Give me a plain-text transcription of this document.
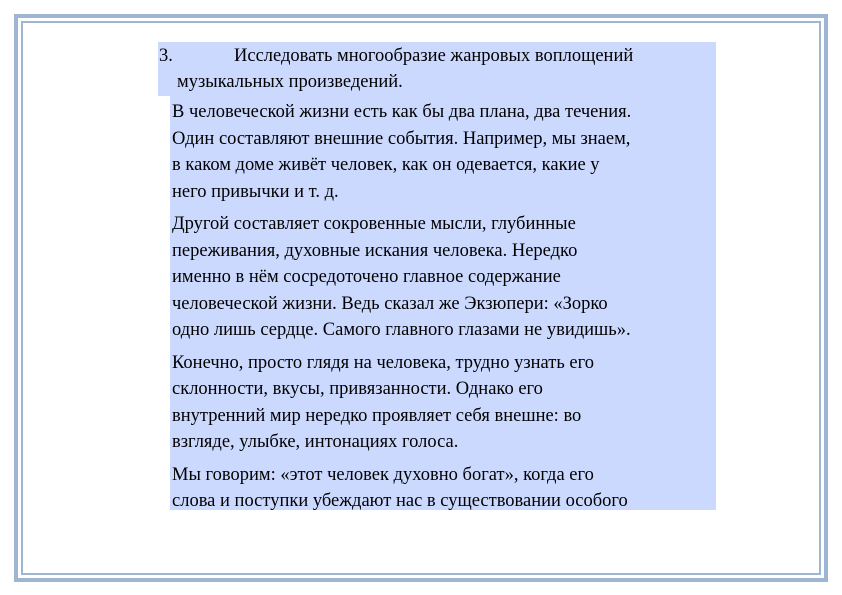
3.	Исследовать многообразие жанровых воплощений
музыкальных произведений.

В человеческой жизни есть как бы два плана, два течения.
Один составляют внешние события. Например, мы знаем,
в каком доме живёт человек, как он одевается, какие у
него привычки и т. д.

Другой составляет сокровенные мысли, глубинные
переживания, духовные искания человека. Нередко
именно в нём сосредоточено главное содержание
человеческой жизни. Ведь сказал же Экзюпери: «Зорко
одно лишь сердце. Самого главного глазами не увидишь».

Конечно, просто глядя на человека, трудно узнать его
склонности, вкусы, привязанности. Однако его
внутренний мир нередко проявляет себя внешне: во
взгляде, улыбке, интонациях голоса.

Мы говорим: «этот человек духовно богат», когда его
слова и поступки убеждают нас в существовании особого
